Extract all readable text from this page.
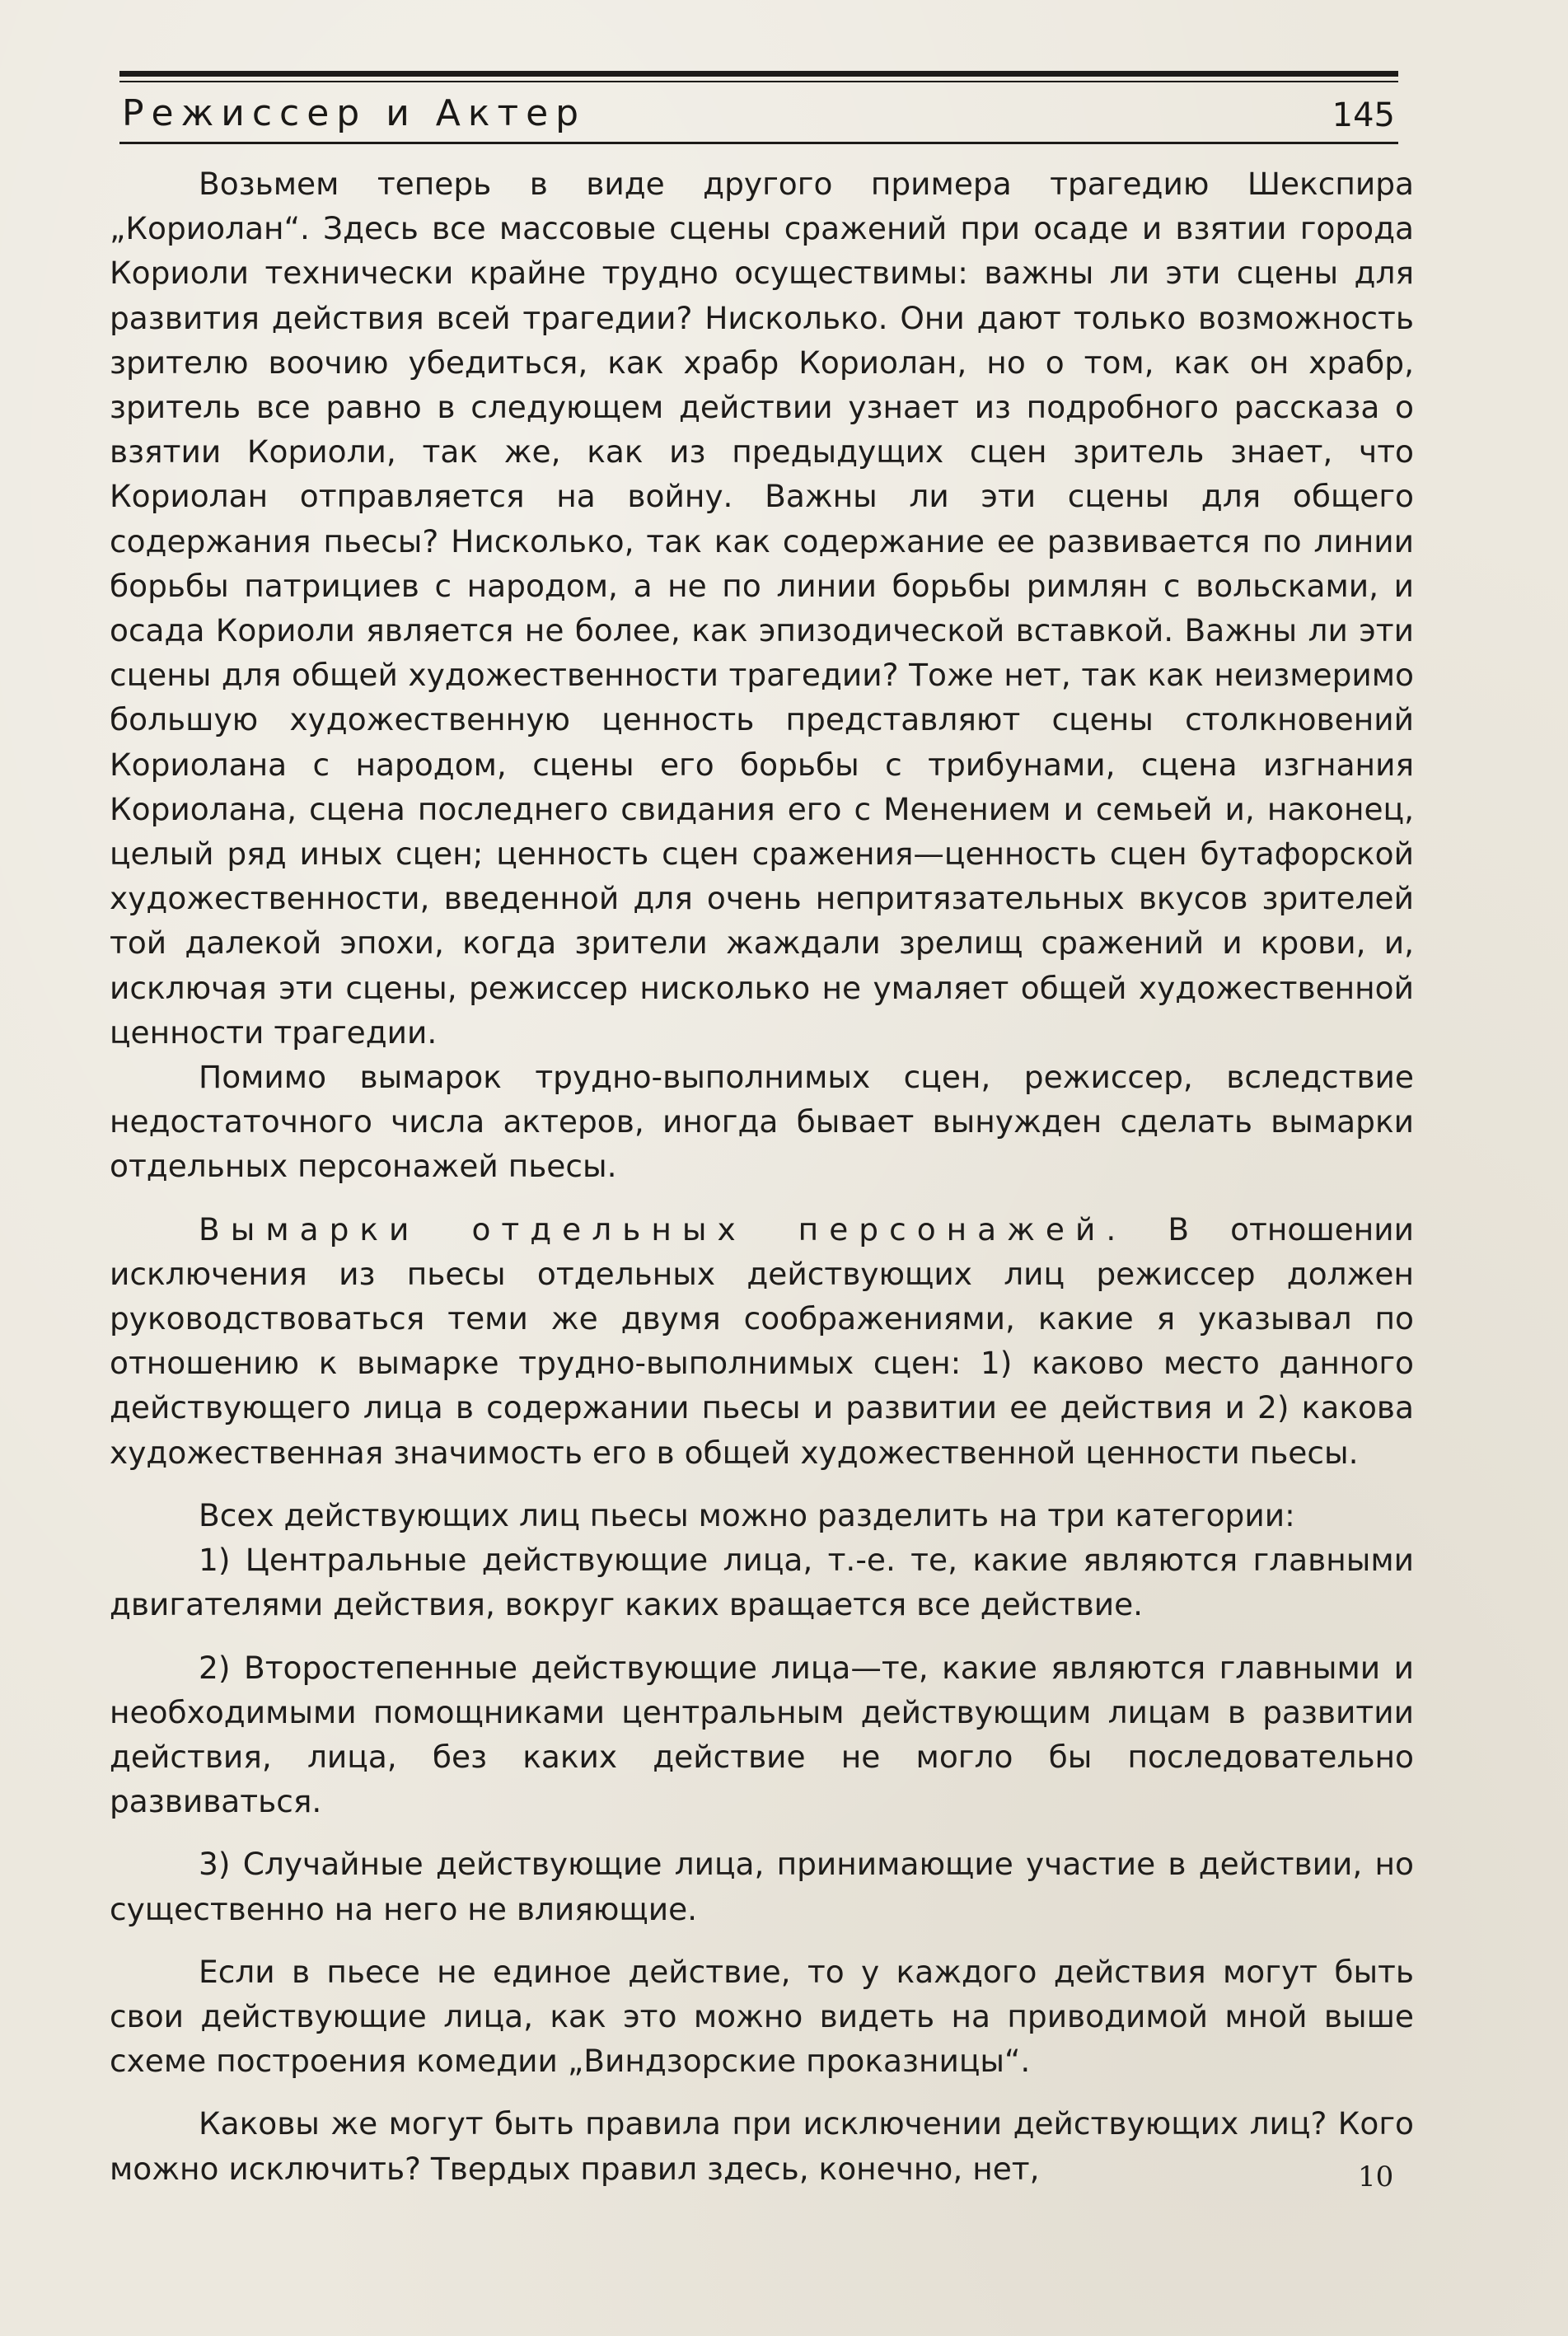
Режиссер и Актер	145

Возьмем теперь в виде другого примера трагедию Шекспира „Кориолан“. Здесь все массовые сцены сражений при осаде и взятии города Кориоли технически крайне трудно осуществимы: важны ли эти сцены для развития действия всей трагедии? Нисколько. Они дают только возможность зрителю воочию убедиться, как храбр Кориолан, но о том, как он храбр, зритель все равно в следующем действии узнает из подробного рассказа о взятии Кориоли, так же, как из предыдущих сцен зритель знает, что Кориолан отправляется на войну. Важны ли эти сцены для общего содержания пьесы? Нисколько, так как содержание ее развивается по линии борьбы патрициев с народом, а не по линии борьбы римлян с вольсками, и осада Кориоли является не более, как эпизодической вставкой. Важны ли эти сцены для общей художественности трагедии? Тоже нет, так как неизмеримо большую художественную ценность представляют сцены столкновений Кориолана с народом, сцены его борьбы с трибунами, сцена изгнания Кориолана, сцена последнего свидания его с Менением и семьей и, наконец, целый ряд иных сцен; ценность сцен сражения—ценность сцен бутафорской художественности, введенной для очень непритязательных вкусов зрителей той далекой эпохи, когда зрители жаждали зрелищ сражений и крови, и, исключая эти сцены, режиссер нисколько не умаляет общей художественной ценности трагедии.

Помимо вымарок трудно-выполнимых сцен, режиссер, вследствие недостаточного числа актеров, иногда бывает вынужден сделать вымарки отдельных персонажей пьесы.

Вымарки отдельных персонажей. В отношении исключения из пьесы отдельных действующих лиц режиссер должен руководствоваться теми же двумя соображениями, какие я указывал по отношению к вымарке трудно-выполнимых сцен: 1) каково место данного действующего лица в содержании пьесы и развитии ее действия и 2) какова художественная значимость его в общей художественной ценности пьесы.

Всех действующих лиц пьесы можно разделить на три категории:

1) Центральные действующие лица, т.-е. те, какие являются главными двигателями действия, вокруг каких вращается все действие.

2) Второстепенные действующие лица—те, какие являются главными и необходимыми помощниками центральным действующим лицам в развитии действия, лица, без каких действие не могло бы последовательно развиваться.

3) Случайные действующие лица, принимающие участие в действии, но существенно на него не влияющие.

Если в пьесе не единое действие, то у каждого действия могут быть свои действующие лица, как это можно видеть на приводимой мной выше схеме построения комедии „Виндзорские проказницы“.

Каковы же могут быть правила при исключении действующих лиц? Кого можно исключить? Твердых правил здесь, конечно, нет,	10
